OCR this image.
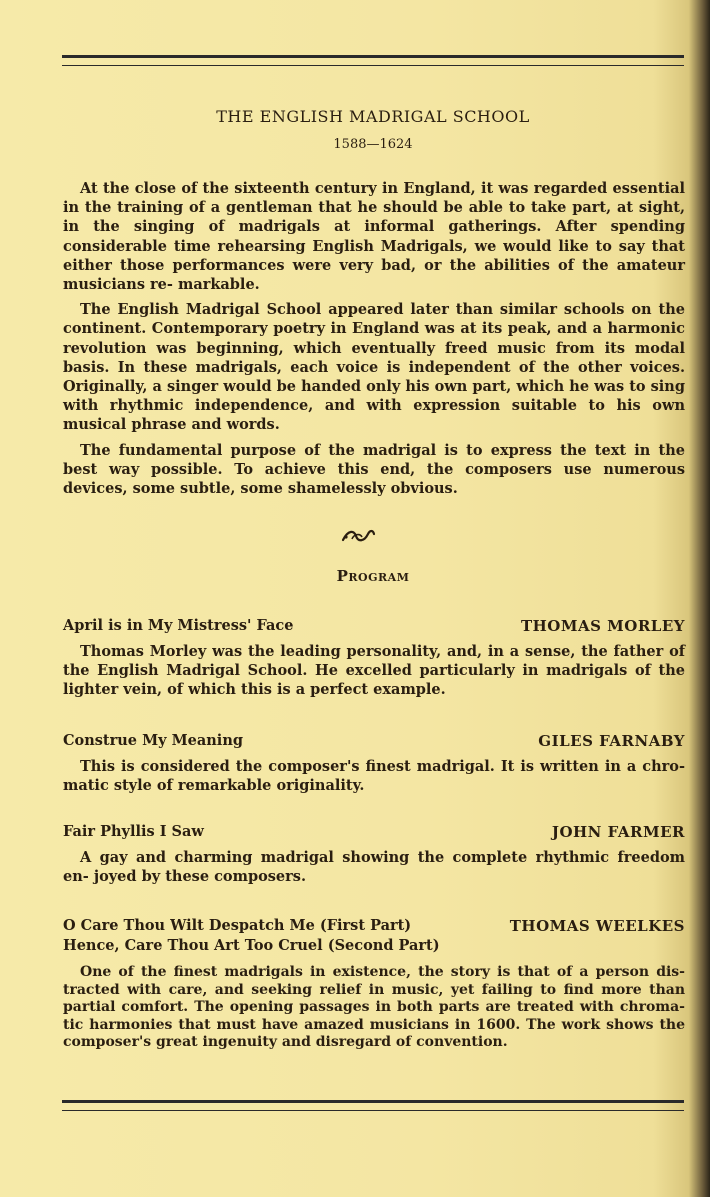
THE ENGLISH MADRIGAL SCHOOL
1588—1624

At the close of the sixteenth century in England, it was regarded essential in the training of a gentleman that he should be able to take part, at sight, in the singing of madrigals at informal gatherings. After spending considerable time rehearsing English Madrigals, we would like to say that either those performances were very bad, or the abilities of the amateur musicians re- markable.

The English Madrigal School appeared later than similar schools on the continent. Contemporary poetry in England was at its peak, and a harmonic revolution was beginning, which eventually freed music from its modal basis. In these madrigals, each voice is independent of the other voices. Originally, a singer would be handed only his own part, which he was to sing with rhythmic independence, and with expression suitable to his own musical phrase and words.

The fundamental purpose of the madrigal is to express the text in the best way possible. To achieve this end, the composers use numerous devices, some subtle, some shamelessly obvious.

Program
April is in My Mistress' Face	THOMAS MORLEY

Thomas Morley was the leading personality, and, in a sense, the father of the English Madrigal School. He excelled particularly in madrigals of the lighter vein, of which this is a perfect example.

Construe My Meaning	GILES FARNABY

This is considered the composer's finest madrigal. It is written in a chro- matic style of remarkable originality.

Fair Phyllis I Saw	JOHN FARMER

A gay and charming madrigal showing the complete rhythmic freedom en- joyed by these composers.

O Care Thou Wilt Despatch Me (First Part)	THOMAS WEELKES
Hence, Care Thou Art Too Cruel (Second Part)

One of the finest madrigals in existence, the story is that of a person dis- tracted with care, and seeking relief in music, yet failing to find more than partial comfort. The opening passages in both parts are treated with chroma- tic harmonies that must have amazed musicians in 1600. The work shows the composer's great ingenuity and disregard of convention.
